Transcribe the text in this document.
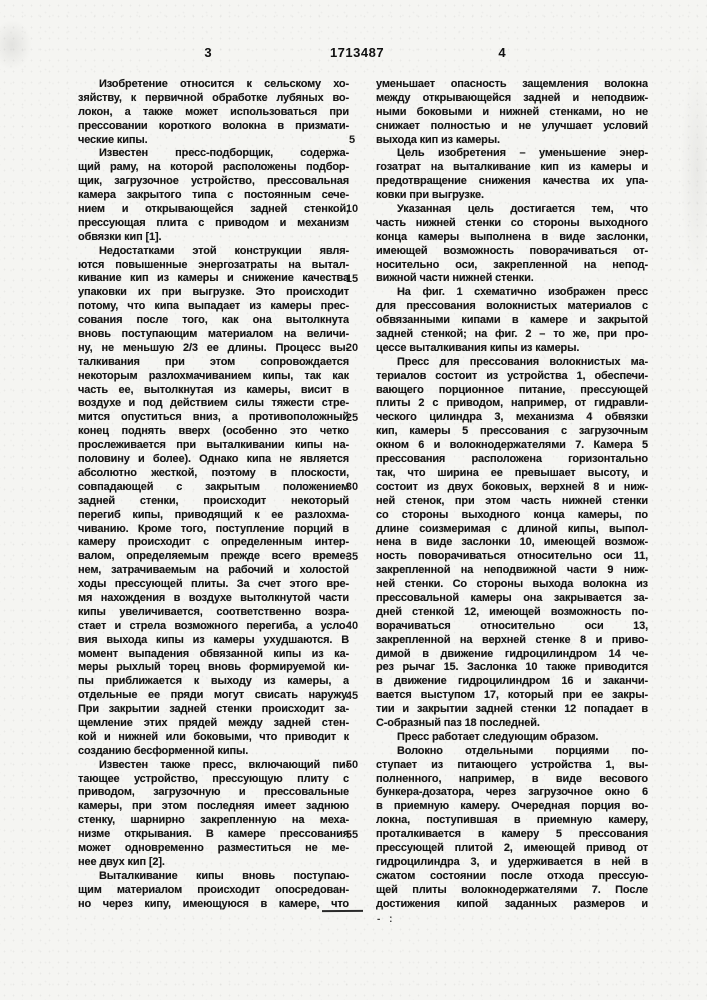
3	1713487	4
Изобретение относится к сельскому хо-
зяйству, к первичной обработке лубяных во-
локон, а также может использоваться при
прессовании короткого волокна в призмати-
ческие кипы.
Известен пресс-подборщик, содержа-
щий раму, на которой расположены подбор-
щик, загрузочное устройство, прессовальная
камера закрытого типа с постоянным сече-
нием и открывающейся задней стенкой,
прессующая плита с приводом и механизм
обвязки кип [1].
Недостатками этой конструкции явля-
ются повышенные энергозатраты на вытал-
кивание кип из камеры и снижение качества
упаковки их при выгрузке. Это происходит
потому, что кипа выпадает из камеры прес-
сования после того, как она вытолкнута
вновь поступающим материалом на величи-
ну, не меньшую 2/3 ее длины. Процесс вы-
талкивания при этом сопровождается
некоторым разлохмачиванием кипы, так как
часть ее, вытолкнутая из камеры, висит в
воздухе и под действием силы тяжести стре-
мится опуститься вниз, а противоположный
конец поднять вверх (особенно это четко
прослеживается при выталкивании кипы на-
половину и более). Однако кипа не является
абсолютно жесткой, поэтому в плоскости,
совпадающей с закрытым положением
задней стенки, происходит некоторый
перегиб кипы, приводящий к ее разлохма-
чиванию. Кроме того, поступление порций в
камеру происходит с определенным интер-
валом, определяемым прежде всего време-
нем, затрачиваемым на рабочий и холостой
ходы прессующей плиты. За счет этого вре-
мя нахождения в воздухе вытолкнутой части
кипы увеличивается, соответственно возра-
стает и стрела возможного перегиба, а усло-
вия выхода кипы из камеры ухудшаются. В
момент выпадения обвязанной кипы из ка-
меры рыхлый торец вновь формируемой ки-
пы приближается к выходу из камеры, а
отдельные ее пряди могут свисать наружу.
При закрытии задней стенки происходит за-
щемление этих прядей между задней стен-
кой и нижней или боковыми, что приводит к
созданию бесформенной кипы.
Известен также пресс, включающий пи-
тающее устройство, прессующую плиту с
приводом, загрузочную и прессовальные
камеры, при этом последняя имеет заднюю
стенку, шарнирно закрепленную на меха-
низме открывания. В камере прессования
может одновременно разместиться не ме-
нее двух кип [2].
Выталкивание кипы вновь поступаю-
щим материалом происходит опосредован-
но через кипу, имеющуюся в камере, что
уменьшает опасность защемления волокна
между открывающейся задней и неподвиж-
ными боковыми и нижней стенками, но не
снижает полностью и не улучшает условий
выхода кип из камеры.
Цель изобретения – уменьшение энер-
гозатрат на выталкивание кип из камеры и
предотвращение снижения качества их упа-
ковки при выгрузке.
Указанная цель достигается тем, что
часть нижней стенки со стороны выходного
конца камеры выполнена в виде заслонки,
имеющей возможность поворачиваться от-
носительно оси, закрепленной на непод-
вижной части нижней стенки.
На фиг. 1 схематично изображен пресс
для прессования волокнистых материалов с
обвязанными кипами в камере и закрытой
задней стенкой; на фиг. 2 – то же, при про-
цессе выталкивания кипы из камеры.
Пресс для прессования волокнистых ма-
териалов состоит из устройства 1, обеспечи-
вающего порционное питание, прессующей
плиты 2 с приводом, например, от гидравли-
ческого цилиндра 3, механизма 4 обвязки
кип, камеры 5 прессования с загрузочным
окном 6 и волокнодержателями 7. Камера 5
прессования расположена горизонтально
так, что ширина ее превышает высоту, и
состоит из двух боковых, верхней 8 и ниж-
ней стенок, при этом часть нижней стенки
со стороны выходного конца камеры, по
длине соизмеримая с длиной кипы, выпол-
нена в виде заслонки 10, имеющей возмож-
ность поворачиваться относительно оси 11,
закрепленной на неподвижной части 9 ниж-
ней стенки. Со стороны выхода волокна из
прессовальной камеры она закрывается за-
дней стенкой 12, имеющей возможность по-
ворачиваться относительно оси 13,
закрепленной на верхней стенке 8 и приво-
димой в движение гидроцилиндром 14 че-
рез рычаг 15. Заслонка 10 также приводится
в движение гидроцилиндром 16 и заканчи-
вается выступом 17, который при ее закры-
тии и закрытии задней стенки 12 попадает в
С-образный паз 18 последней.
Пресс работает следующим образом.
Волокно отдельными порциями по-
ступает из питающего устройства 1, вы-
полненного, например, в виде весового
бункера-дозатора, через загрузочное окно 6
в приемную камеру. Очередная порция во-
локна, поступившая в приемную камеру,
проталкивается в камеру 5 прессования
прессующей плитой 2, имеющей привод от
гидроцилиндра 3, и удерживается в ней в
сжатом состоянии после отхода прессую-
щей плиты волокнодержателями 7. После
достижения кипой заданных размеров и
5
10
15
20
25
30
35
40
45
50
55
- :
